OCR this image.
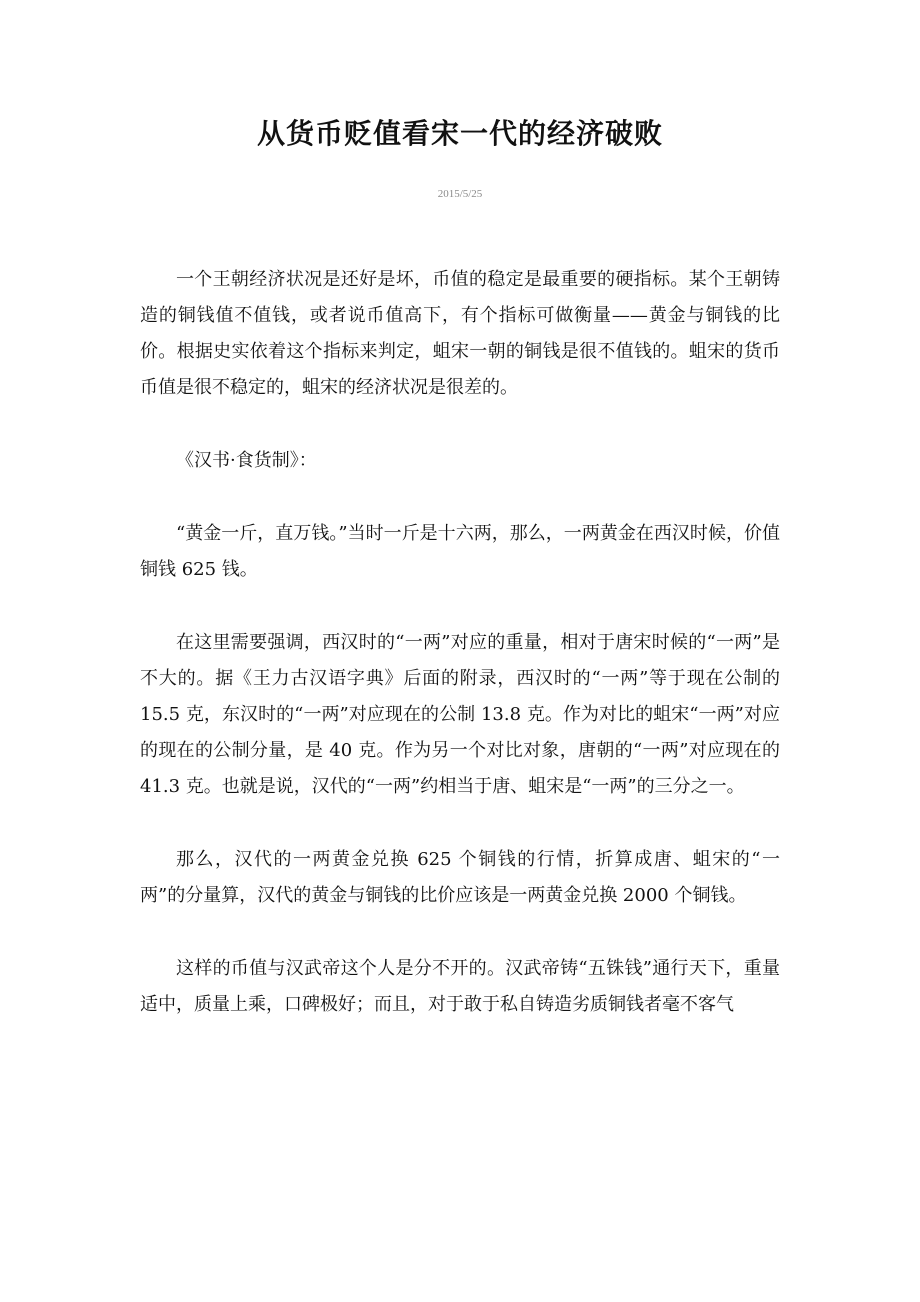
从货币贬值看宋一代的经济破败
2015/5/25

一个王朝经济状况是还好是坏，币值的稳定是最重要的硬指标。某个王朝铸造的铜钱值不值钱，或者说币值高下，有个指标可做衡量——黄金与铜钱的比价。根据史实依着这个指标来判定，蛆宋一朝的铜钱是很不值钱的。蛆宋的货币币值是很不稳定的，蛆宋的经济状况是很差的。

《汉书·食货制》：

“黄金一斤，直万钱。”当时一斤是十六两，那么，一两黄金在西汉时候，价值铜钱 625 钱。

在这里需要强调，西汉时的“一两”对应的重量，相对于唐宋时候的“一两”是不大的。据《王力古汉语字典》后面的附录，西汉时的“一两”等于现在公制的 15.5 克，东汉时的“一两”对应现在的公制 13.8 克。作为对比的蛆宋“一两”对应的现在的公制分量，是 40 克。作为另一个对比对象，唐朝的“一两”对应现在的 41.3 克。也就是说，汉代的“一两”约相当于唐、蛆宋是“一两”的三分之一。

那么，汉代的一两黄金兑换 625 个铜钱的行情，折算成唐、蛆宋的“一两”的分量算，汉代的黄金与铜钱的比价应该是一两黄金兑换 2000 个铜钱。

这样的币值与汉武帝这个人是分不开的。汉武帝铸“五铢钱”通行天下，重量适中，质量上乘，口碑极好；而且，对于敢于私自铸造劣质铜钱者毫不客气
